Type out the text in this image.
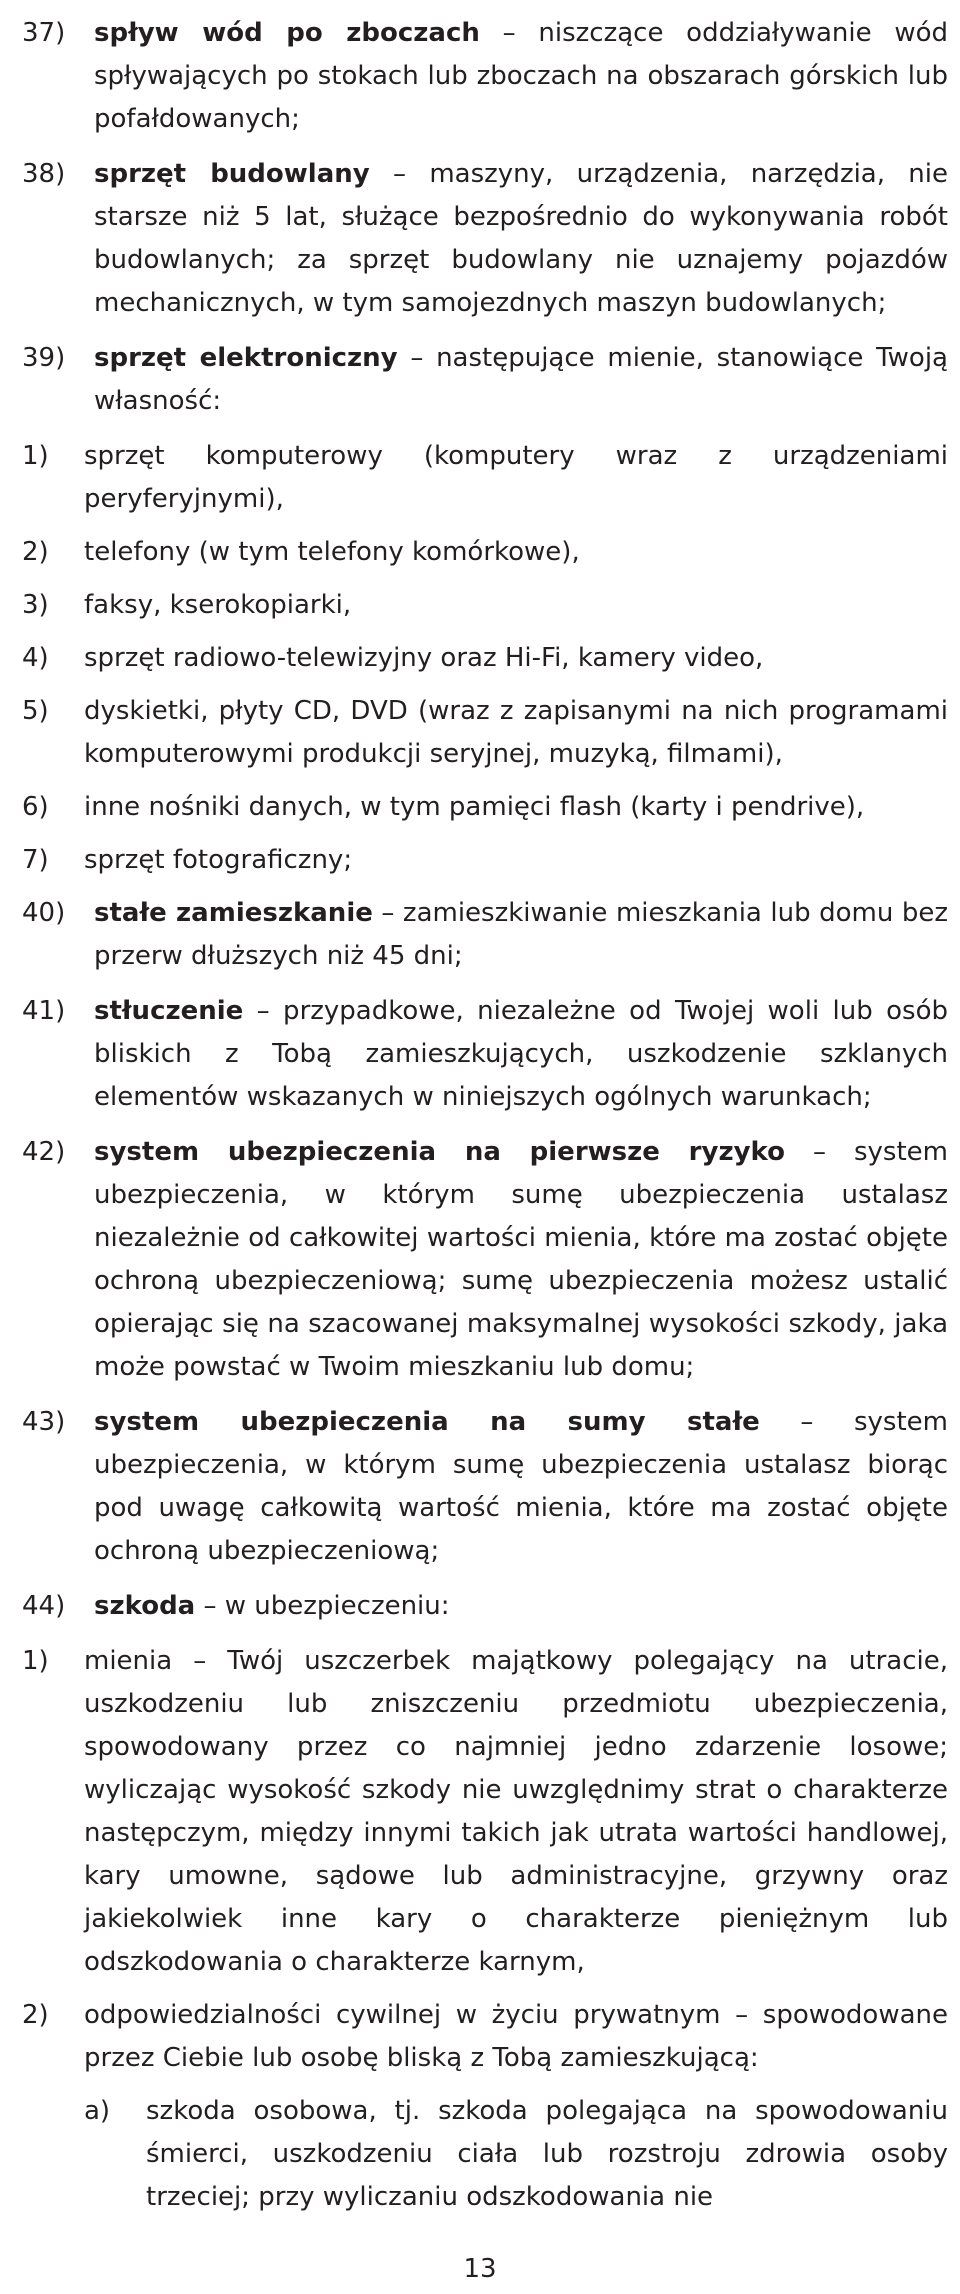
37)	spływ wód po zboczach – niszczące oddziaływanie wód spływających po stokach lub zboczach na obszarach górskich lub pofałdowanych;
38)	sprzęt budowlany – maszyny, urządzenia, narzędzia, nie starsze niż 5 lat, służące bezpośrednio do wykonywania robót budowlanych; za sprzęt budowlany nie uznajemy pojazdów mechanicznych, w tym samojezdnych maszyn budowlanych;
39)	sprzęt elektroniczny – następujące mienie, stanowiące Twoją własność:
1)	sprzęt komputerowy (komputery wraz z urządzeniami peryferyjnymi),
2)	telefony (w tym telefony komórkowe),
3)	faksy, kserokopiarki,
4)	sprzęt radiowo-telewizyjny oraz Hi-Fi, kamery video,
5)	dyskietki, płyty CD, DVD (wraz z zapisanymi na nich programami komputerowymi produkcji seryjnej, muzyką, filmami),
6)	inne nośniki danych, w tym pamięci flash (karty i pendrive),
7)	sprzęt fotograficzny;
40)	stałe zamieszkanie – zamieszkiwanie mieszkania lub domu bez przerw dłuższych niż 45 dni;
41)	stłuczenie – przypadkowe, niezależne od Twojej woli lub osób bliskich z Tobą zamieszkujących, uszkodzenie szklanych elementów wskazanych w niniejszych ogólnych warunkach;
42)	system ubezpieczenia na pierwsze ryzyko – system ubezpieczenia, w którym sumę ubezpieczenia ustalasz niezależnie od całkowitej wartości mienia, które ma zostać objęte ochroną ubezpieczeniową; sumę ubezpieczenia możesz ustalić opierając się na szacowanej maksymalnej wysokości szkody, jaka może powstać w Twoim mieszkaniu lub domu;
43)	system ubezpieczenia na sumy stałe – system ubezpieczenia, w którym sumę ubezpieczenia ustalasz biorąc pod uwagę całkowitą wartość mienia, które ma zostać objęte ochroną ubezpieczeniową;
44)	szkoda – w ubezpieczeniu:
1)	mienia – Twój uszczerbek majątkowy polegający na utracie, uszkodzeniu lub zniszczeniu przedmiotu ubezpieczenia, spowodowany przez co najmniej jedno zdarzenie losowe; wyliczając wysokość szkody nie uwzględnimy strat o charakterze następczym, między innymi takich jak utrata wartości handlowej, kary umowne, sądowe lub administracyjne, grzywny oraz jakiekolwiek inne kary o charakterze pieniężnym lub odszkodowania o charakterze karnym,
2)	odpowiedzialności cywilnej w życiu prywatnym – spowodowane przez Ciebie lub osobę bliską z Tobą zamieszkującą:
a)	szkoda osobowa, tj. szkoda polegająca na spowodowaniu śmierci, uszkodzeniu ciała lub rozstroju zdrowia osoby trzeciej; przy wyliczaniu odszkodowania nie
13
